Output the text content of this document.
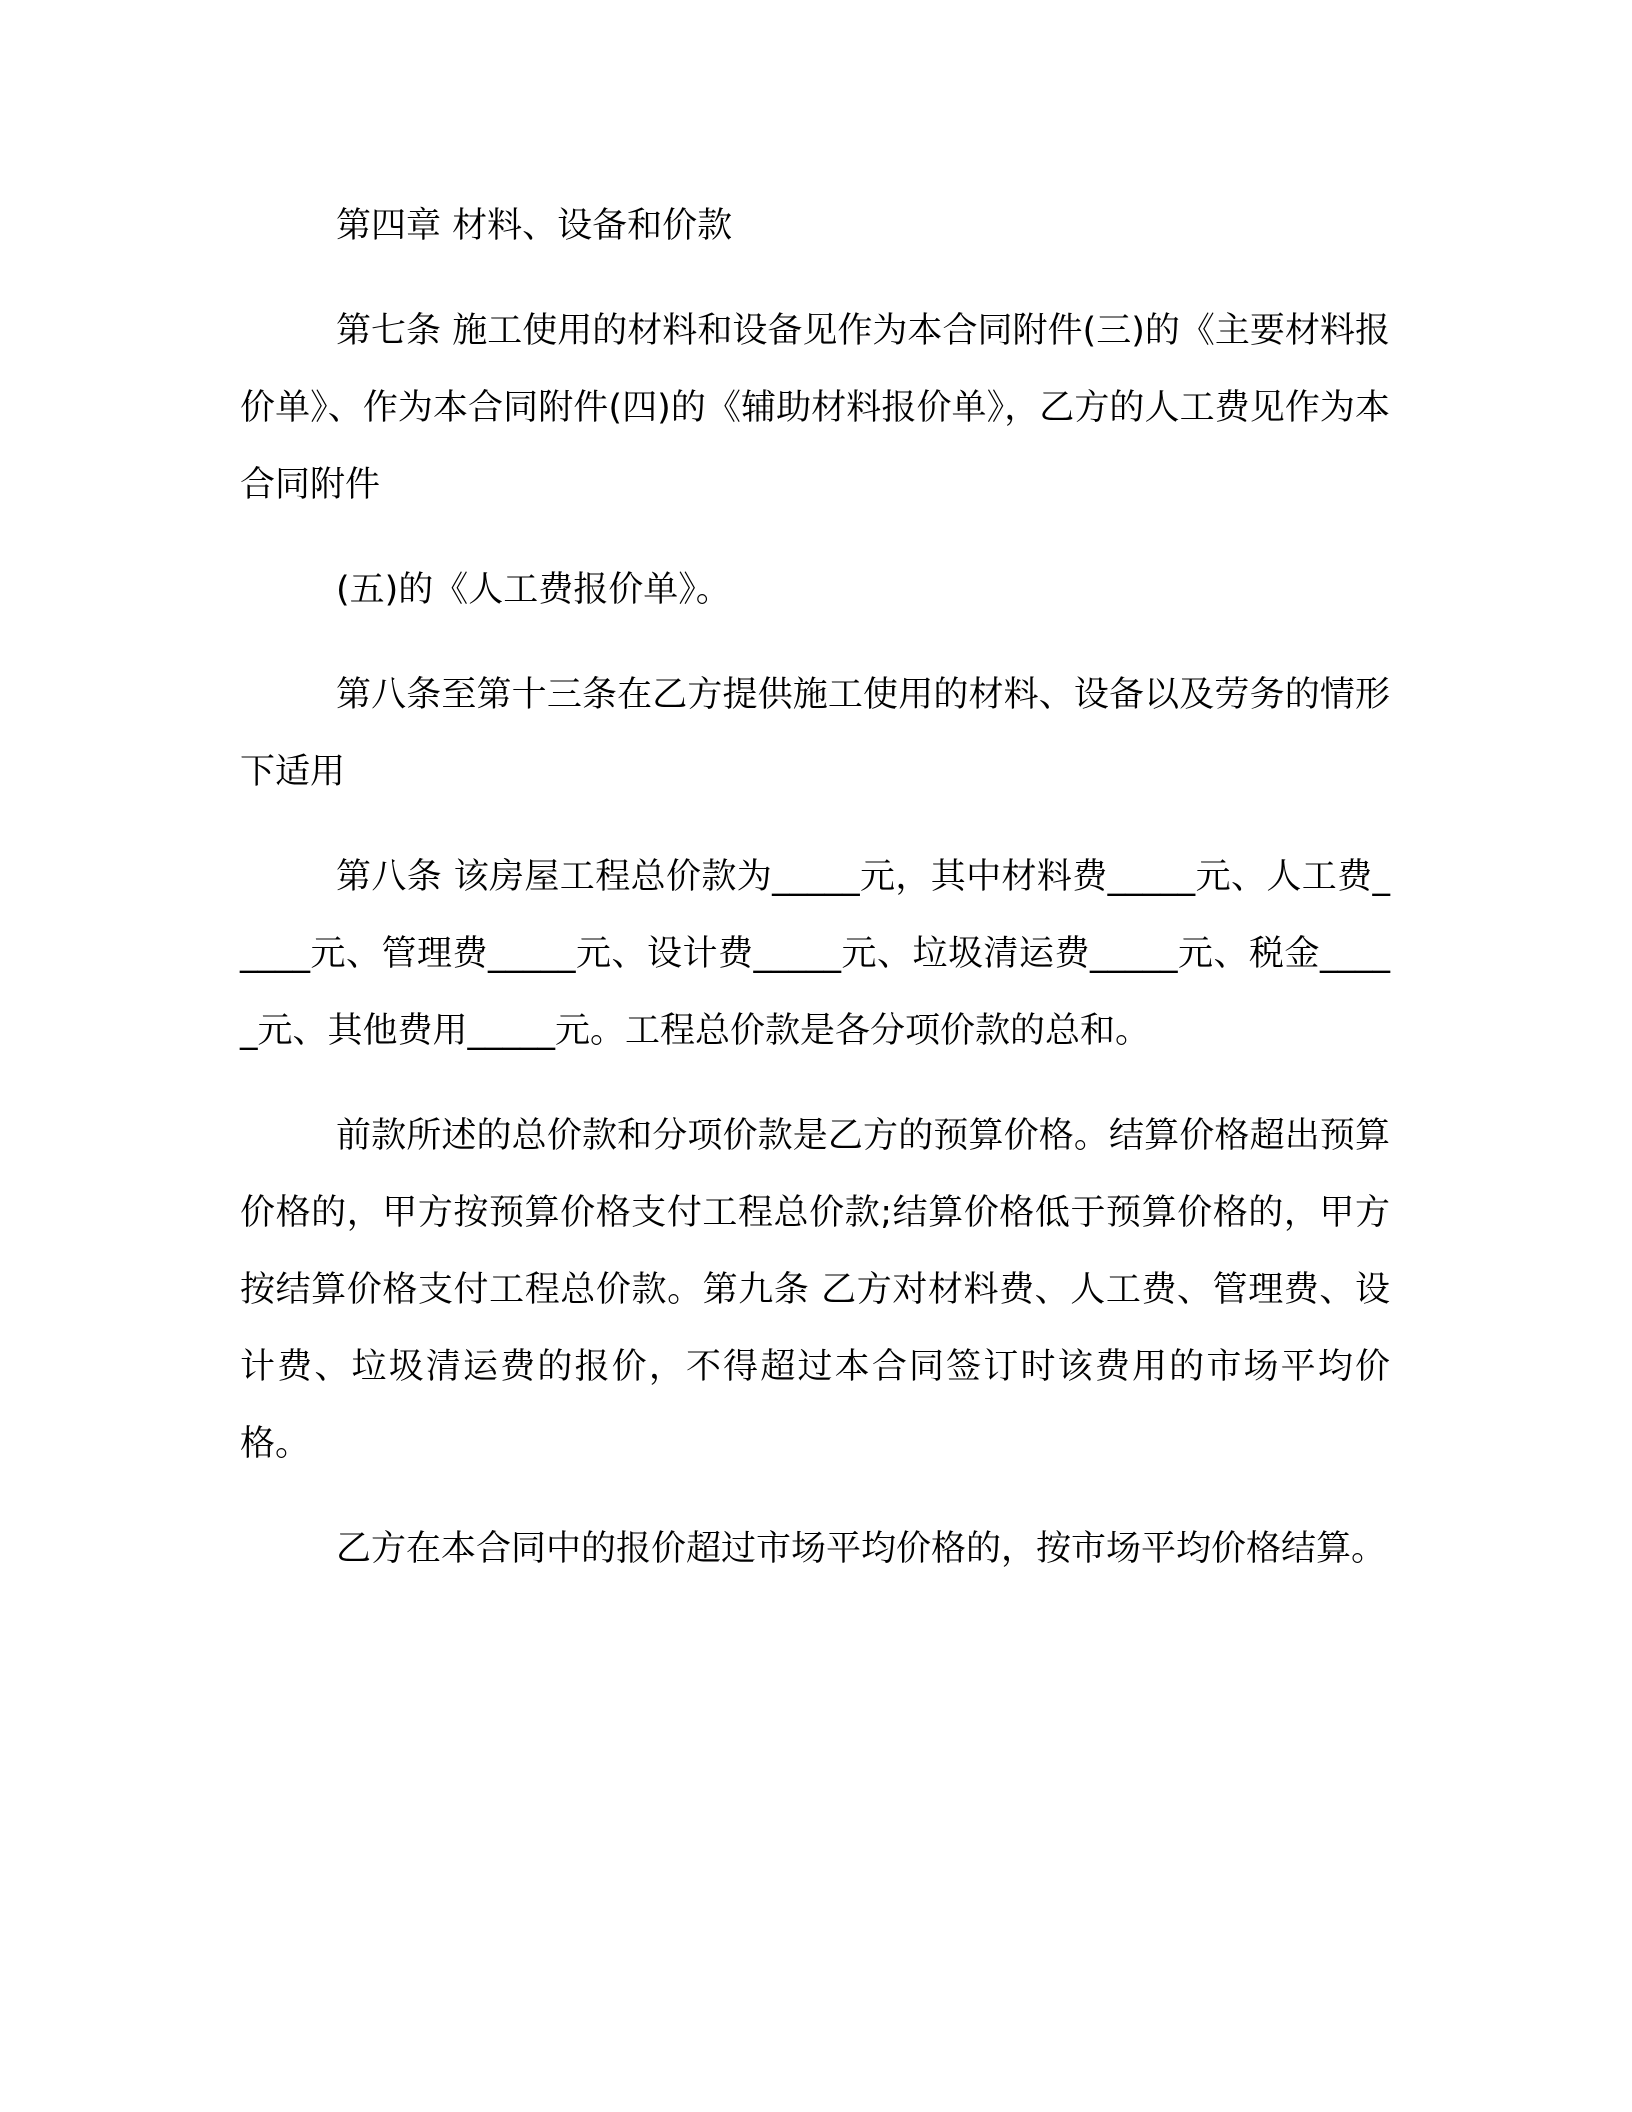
第四章 材料、设备和价款

第七条 施工使用的材料和设备见作为本合同附件(三)的《主要材料报价单》、作为本合同附件(四)的《辅助材料报价单》，乙方的人工费见作为本合同附件

(五)的《人工费报价单》。

第八条至第十三条在乙方提供施工使用的材料、设备以及劳务的情形下适用

第八条 该房屋工程总价款为_____元，其中材料费_____元、人工费_____元、管理费_____元、设计费_____元、垃圾清运费_____元、税金_____元、其他费用_____元。工程总价款是各分项价款的总和。

前款所述的总价款和分项价款是乙方的预算价格。结算价格超出预算价格的，甲方按预算价格支付工程总价款;结算价格低于预算价格的，甲方按结算价格支付工程总价款。第九条 乙方对材料费、人工费、管理费、设计费、垃圾清运费的报价，不得超过本合同签订时该费用的市场平均价格。

乙方在本合同中的报价超过市场平均价格的，按市场平均价格结算。
